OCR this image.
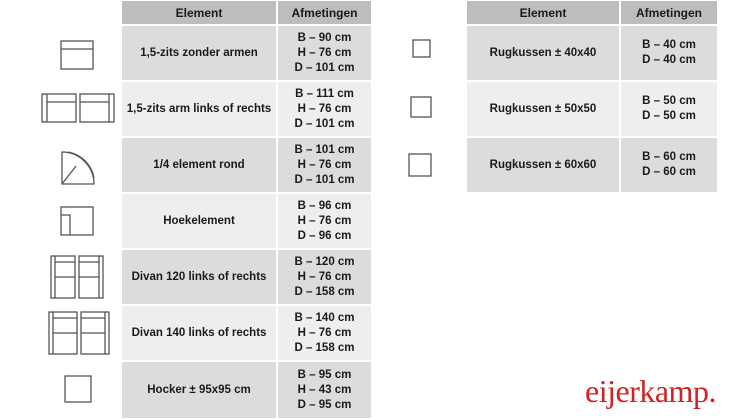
Element	Afmetingen
1,5-zits zonder armen
B – 90 cm
H – 76 cm
D – 101 cm
1,5-zits arm links of rechts
B – 111 cm
H – 76 cm
D – 101 cm
1/4 element rond
B – 101 cm
H – 76 cm
D – 101 cm
Hoekelement
B – 96 cm
H – 76 cm
D – 96 cm
Divan 120 links of rechts
B – 120 cm
H – 76 cm
D – 158 cm
Divan 140 links of rechts
B – 140 cm
H – 76 cm
D – 158 cm
Hocker ± 95x95 cm
B – 95 cm
H – 43 cm
D – 95 cm
Element	Afmetingen
Rugkussen ± 40x40
B – 40 cm
D – 40 cm
Rugkussen ± 50x50
B – 50 cm
D – 50 cm
Rugkussen ± 60x60
B – 60 cm
D – 60 cm
eijerkamp.
